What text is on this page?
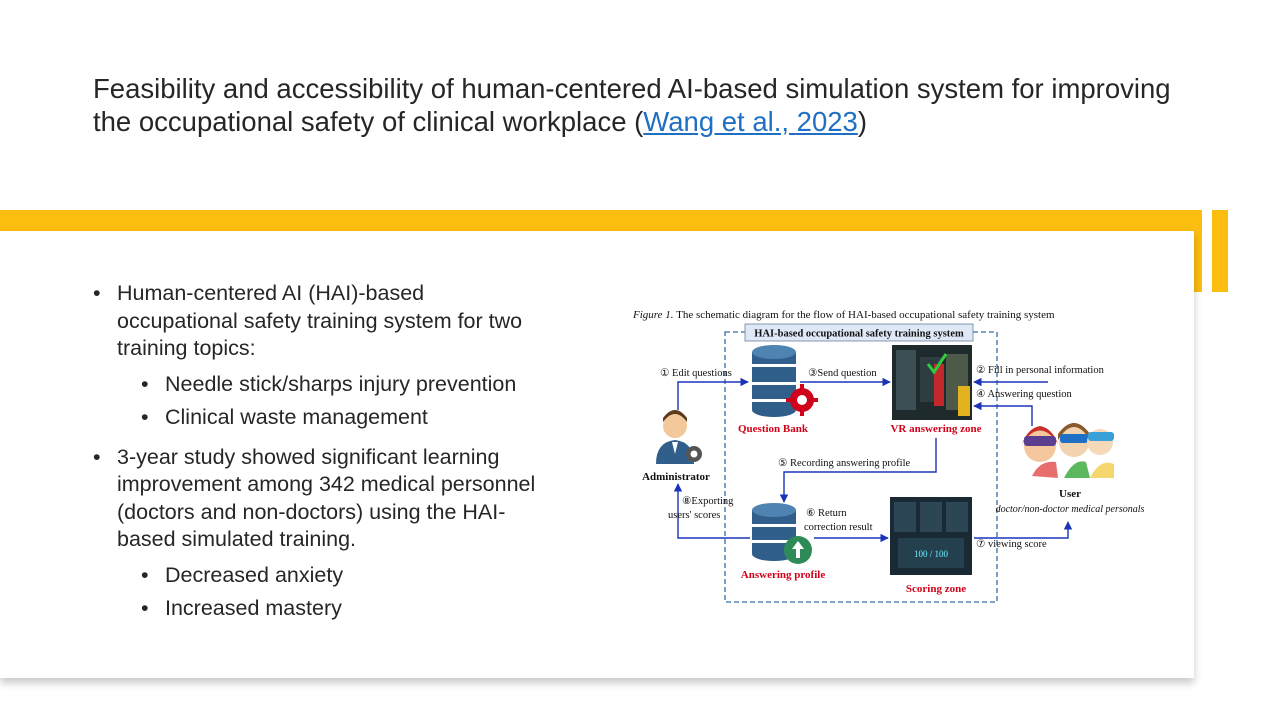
Feasibility and accessibility of human-centered AI-based simulation system for improving the occupational safety of clinical workplace (Wang et al., 2023)
• Human-centered AI (HAI)-based occupational safety training system for two training topics:
• Needle stick/sharps injury prevention
• Clinical waste management
• 3-year study showed significant learning improvement among 342 medical personnel (doctors and non-doctors) using the HAI-based simulated training.
• Decreased anxiety
• Increased mastery
Figure 1. The schematic diagram for the flow of HAI-based occupational safety training system
HAI-based occupational safety training system
Question Bank	VR answering zone
Administrator
User
doctor/non-doctor medical personals
Answering profile
100 / 100
Scoring zone
① Edit questions	③Send question	② Fill in personal information
④ Answering question
⑤ Recording answering profile
⑥ Return
correction result
⑦ viewing score
⑧Exporting
users' scores
